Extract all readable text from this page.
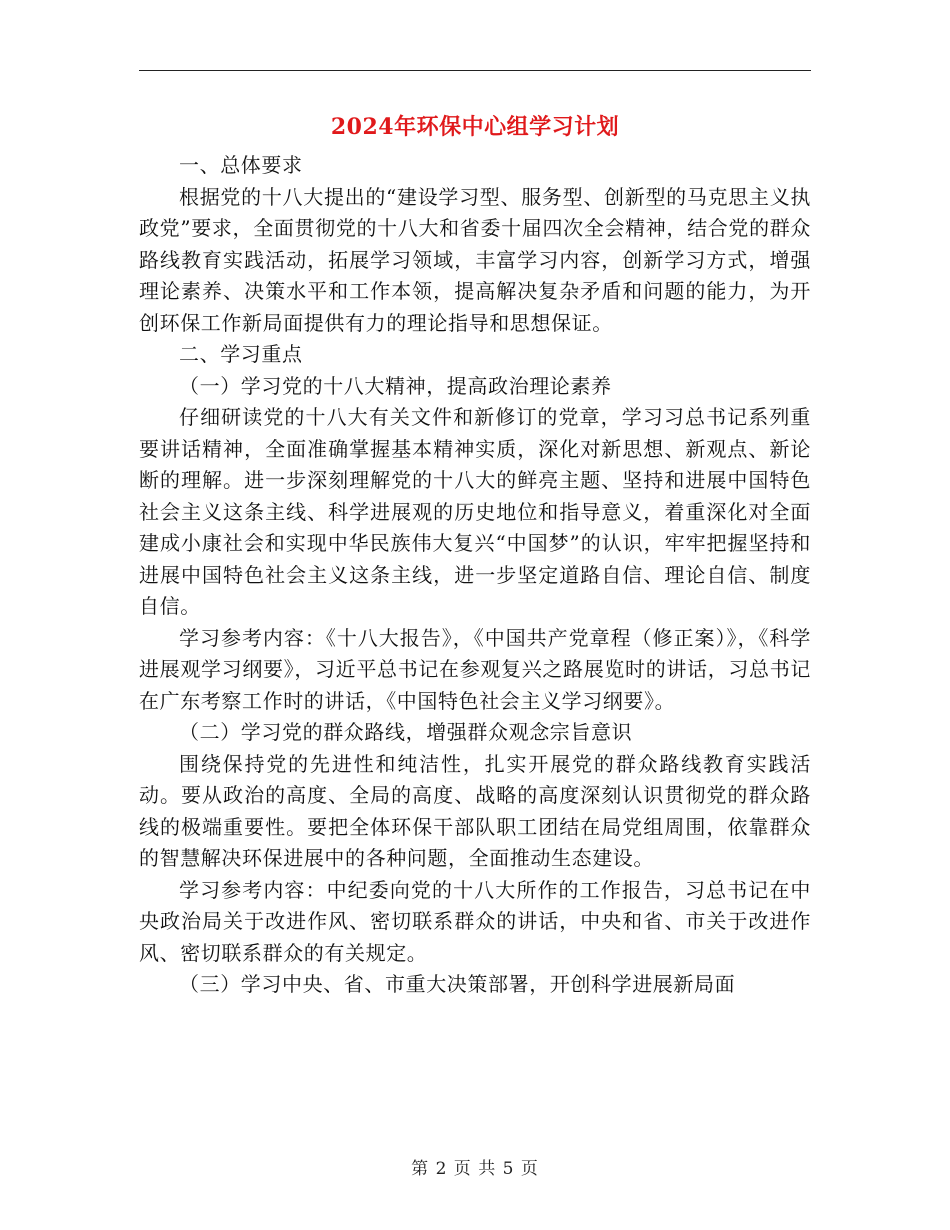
2024年环保中心组学习计划

一、总体要求

根据党的十八大提出的“建设学习型、服务型、创新型的马克思主义执政党”要求，全面贯彻党的十八大和省委十届四次全会精神，结合党的群众路线教育实践活动，拓展学习领域，丰富学习内容，创新学习方式，增强理论素养、决策水平和工作本领，提高解决复杂矛盾和问题的能力，为开创环保工作新局面提供有力的理论指导和思想保证。

二、学习重点

（一）学习党的十八大精神，提高政治理论素养

仔细研读党的十八大有关文件和新修订的党章，学习习总书记系列重要讲话精神，全面准确掌握基本精神实质，深化对新思想、新观点、新论断的理解。进一步深刻理解党的十八大的鲜亮主题、坚持和进展中国特色社会主义这条主线、科学进展观的历史地位和指导意义，着重深化对全面建成小康社会和实现中华民族伟大复兴“中国梦”的认识，牢牢把握坚持和进展中国特色社会主义这条主线，进一步坚定道路自信、理论自信、制度自信。

学习参考内容：《十八大报告》，《中国共产党章程（修正案）》，《科学进展观学习纲要》，习近平总书记在参观复兴之路展览时的讲话，习总书记在广东考察工作时的讲话，《中国特色社会主义学习纲要》。

（二）学习党的群众路线，增强群众观念宗旨意识

围绕保持党的先进性和纯洁性，扎实开展党的群众路线教育实践活动。要从政治的高度、全局的高度、战略的高度深刻认识贯彻党的群众路线的极端重要性。要把全体环保干部队职工团结在局党组周围，依靠群众的智慧解决环保进展中的各种问题，全面推动生态建设。

学习参考内容：中纪委向党的十八大所作的工作报告，习总书记在中央政治局关于改进作风、密切联系群众的讲话，中央和省、市关于改进作风、密切联系群众的有关规定。

（三）学习中央、省、市重大决策部署，开创科学进展新局面

第 2 页 共 5 页
